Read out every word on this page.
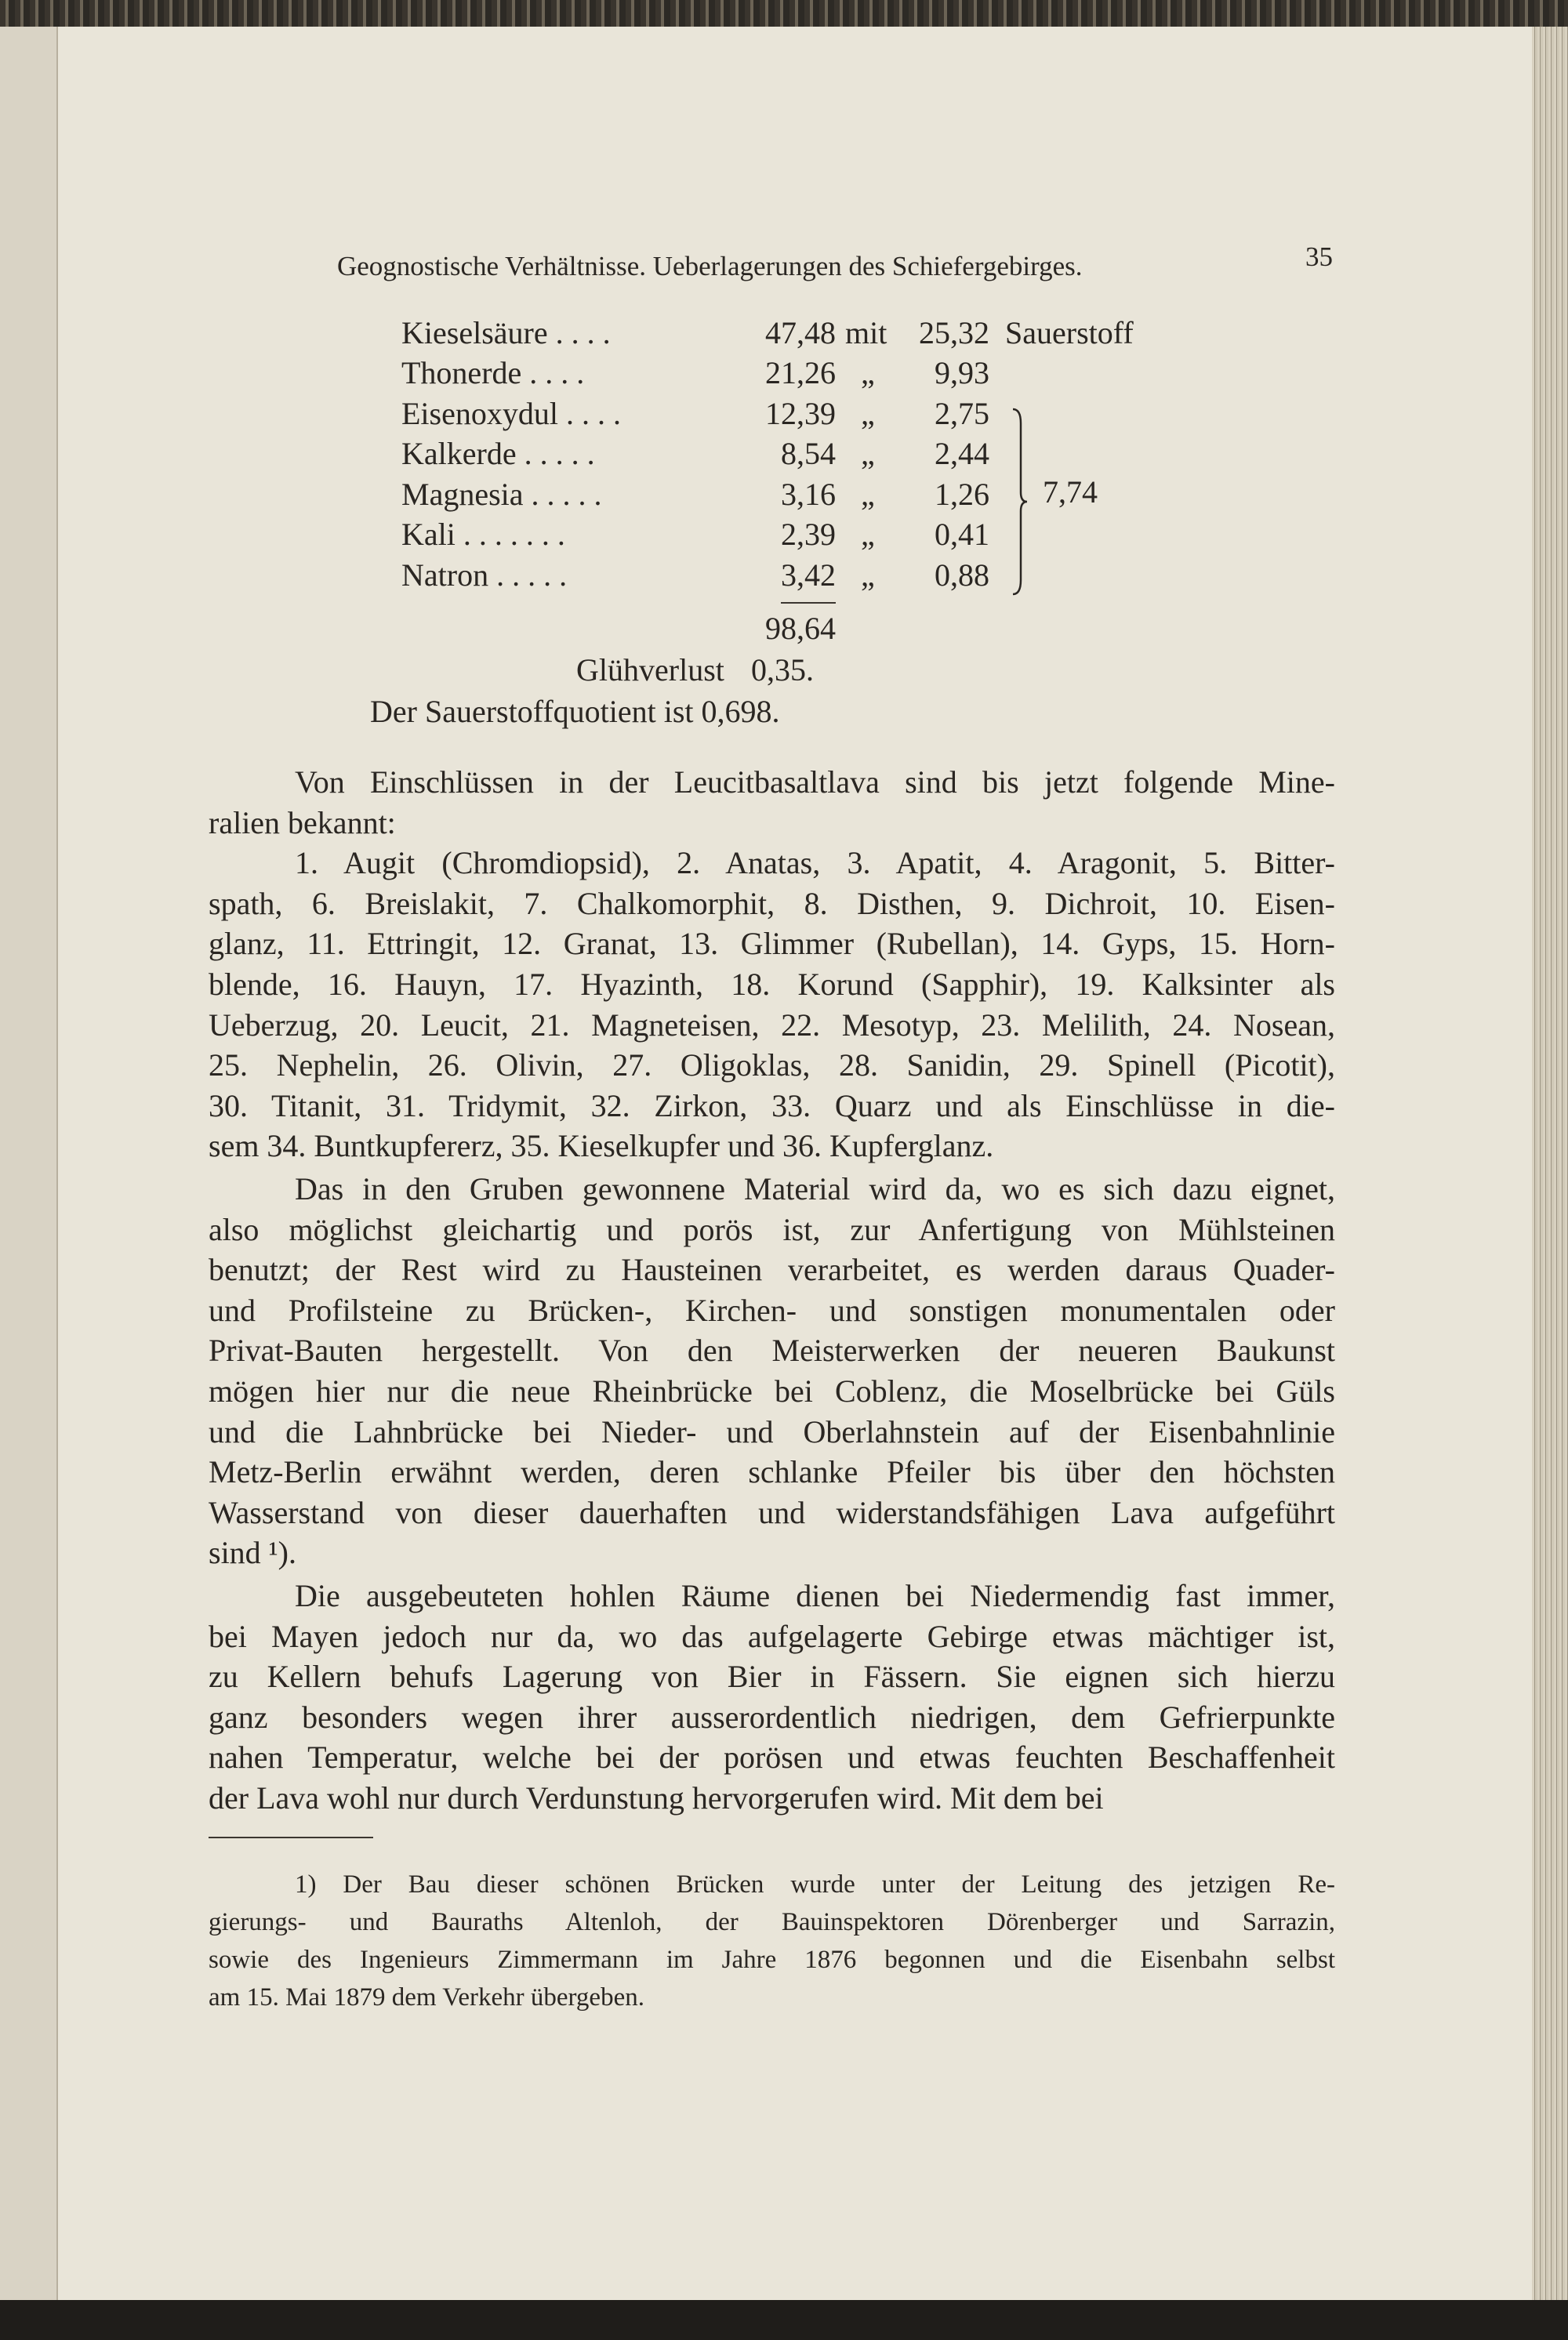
Geognostische Verhältnisse. Ueberlagerungen des Schiefergebirges.	35
Kieselsäure . . . .	47,48 mit	25,32 Sauerstoff
Thonerde . . . .	21,26 „	9,93
Eisenoxydul . . . .	12,39 „	2,75
Kalkerde . . . . .	8,54 „	2,44
Magnesia . . . . .	3,16 „	1,26
Kali . . . . . . .	2,39 „	0,41
Natron . . . . .	3,42 „	0,88
7,74
98,64
Glühverlust 0,35.
Der Sauerstoffquotient ist 0,698.
Von Einschlüssen in der Leucitbasaltlava sind bis jetzt folgende Mine-
ralien bekannt:
1. Augit (Chromdiopsid), 2. Anatas, 3. Apatit, 4. Aragonit, 5. Bitter-
spath, 6. Breislakit, 7. Chalkomorphit, 8. Disthen, 9. Dichroit, 10. Eisen-
glanz, 11. Ettringit, 12. Granat, 13. Glimmer (Rubellan), 14. Gyps, 15. Horn-
blende, 16. Hauyn, 17. Hyazinth, 18. Korund (Sapphir), 19. Kalksinter als
Ueberzug, 20. Leucit, 21. Magneteisen, 22. Mesotyp, 23. Melilith, 24. Nosean,
25. Nephelin, 26. Olivin, 27. Oligoklas, 28. Sanidin, 29. Spinell (Picotit),
30. Titanit, 31. Tridymit, 32. Zirkon, 33. Quarz und als Einschlüsse in die-
sem 34. Buntkupfererz, 35. Kieselkupfer und 36. Kupferglanz.
Das in den Gruben gewonnene Material wird da, wo es sich dazu eignet,
also möglichst gleichartig und porös ist, zur Anfertigung von Mühlsteinen
benutzt; der Rest wird zu Hausteinen verarbeitet, es werden daraus Quader-
und Profilsteine zu Brücken-, Kirchen- und sonstigen monumentalen oder
Privat-Bauten hergestellt. Von den Meisterwerken der neueren Baukunst
mögen hier nur die neue Rheinbrücke bei Coblenz, die Moselbrücke bei Güls
und die Lahnbrücke bei Nieder- und Oberlahnstein auf der Eisenbahnlinie
Metz-Berlin erwähnt werden, deren schlanke Pfeiler bis über den höchsten
Wasserstand von dieser dauerhaften und widerstandsfähigen Lava aufgeführt
sind ¹).
Die ausgebeuteten hohlen Räume dienen bei Niedermendig fast immer,
bei Mayen jedoch nur da, wo das aufgelagerte Gebirge etwas mächtiger ist,
zu Kellern behufs Lagerung von Bier in Fässern. Sie eignen sich hierzu
ganz besonders wegen ihrer ausserordentlich niedrigen, dem Gefrierpunkte
nahen Temperatur, welche bei der porösen und etwas feuchten Beschaffenheit
der Lava wohl nur durch Verdunstung hervorgerufen wird. Mit dem bei
1) Der Bau dieser schönen Brücken wurde unter der Leitung des jetzigen Re-
gierungs- und Bauraths Altenloh, der Bauinspektoren Dörenberger und Sarrazin,
sowie des Ingenieurs Zimmermann im Jahre 1876 begonnen und die Eisenbahn selbst
am 15. Mai 1879 dem Verkehr übergeben.
